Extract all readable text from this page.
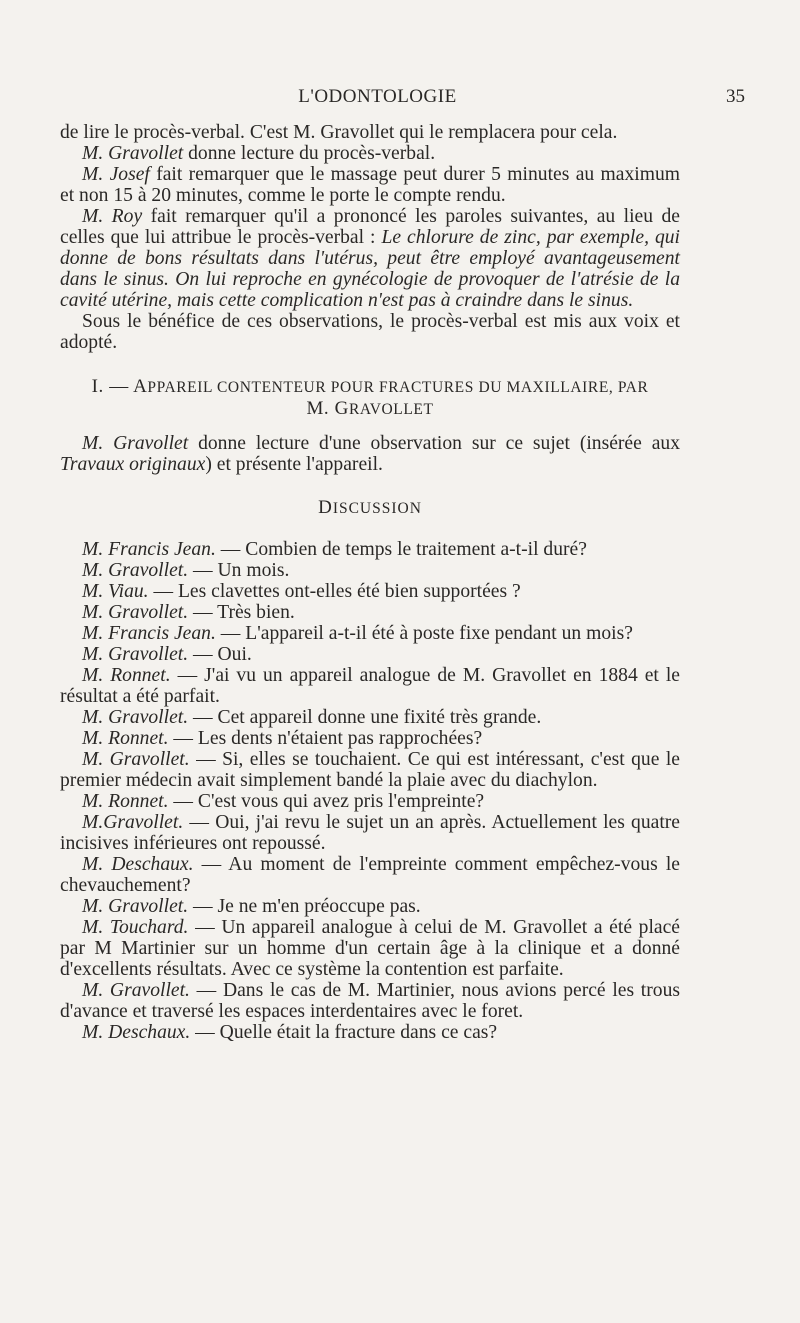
L'ODONTOLOGIE	35

de lire le procès-verbal. C'est M. Gravollet qui le remplacera pour cela.

M. Gravollet donne lecture du procès-verbal.

M. Josef fait remarquer que le massage peut durer 5 minutes au maximum et non 15 à 20 minutes, comme le porte le compte rendu.

M. Roy fait remarquer qu'il a prononcé les paroles suivantes, au lieu de celles que lui attribue le procès-verbal : Le chlorure de zinc, par exemple, qui donne de bons résultats dans l'utérus, peut être employé avantageusement dans le sinus. On lui reproche en gynécologie de provoquer de l'atrésie de la cavité utérine, mais cette complication n'est pas à craindre dans le sinus.

Sous le bénéfice de ces observations, le procès-verbal est mis aux voix et adopté.

I. — APPAREIL CONTENTEUR POUR FRACTURES DU MAXILLAIRE, PAR
M. GRAVOLLET

M. Gravollet donne lecture d'une observation sur ce sujet (insérée aux Travaux originaux) et présente l'appareil.

DISCUSSION

M. Francis Jean. — Combien de temps le traitement a-t-il duré?

M. Gravollet. — Un mois.

M. Viau. — Les clavettes ont-elles été bien supportées ?

M. Gravollet. — Très bien.

M. Francis Jean. — L'appareil a-t-il été à poste fixe pendant un mois?

M. Gravollet. — Oui.

M. Ronnet. — J'ai vu un appareil analogue de M. Gravollet en 1884 et le résultat a été parfait.

M. Gravollet. — Cet appareil donne une fixité très grande.

M. Ronnet. — Les dents n'étaient pas rapprochées?

M. Gravollet. — Si, elles se touchaient. Ce qui est intéressant, c'est que le premier médecin avait simplement bandé la plaie avec du diachylon.

M. Ronnet. — C'est vous qui avez pris l'empreinte?

M.Gravollet. — Oui, j'ai revu le sujet un an après. Actuellement les quatre incisives inférieures ont repoussé.

M. Deschaux. — Au moment de l'empreinte comment empêchez-vous le chevauchement?

M. Gravollet. — Je ne m'en préoccupe pas.

M. Touchard. — Un appareil analogue à celui de M. Gravollet a été placé par M Martinier sur un homme d'un certain âge à la clinique et a donné d'excellents résultats. Avec ce système la contention est parfaite.

M. Gravollet. — Dans le cas de M. Martinier, nous avions percé les trous d'avance et traversé les espaces interdentaires avec le foret.

M. Deschaux. — Quelle était la fracture dans ce cas?
